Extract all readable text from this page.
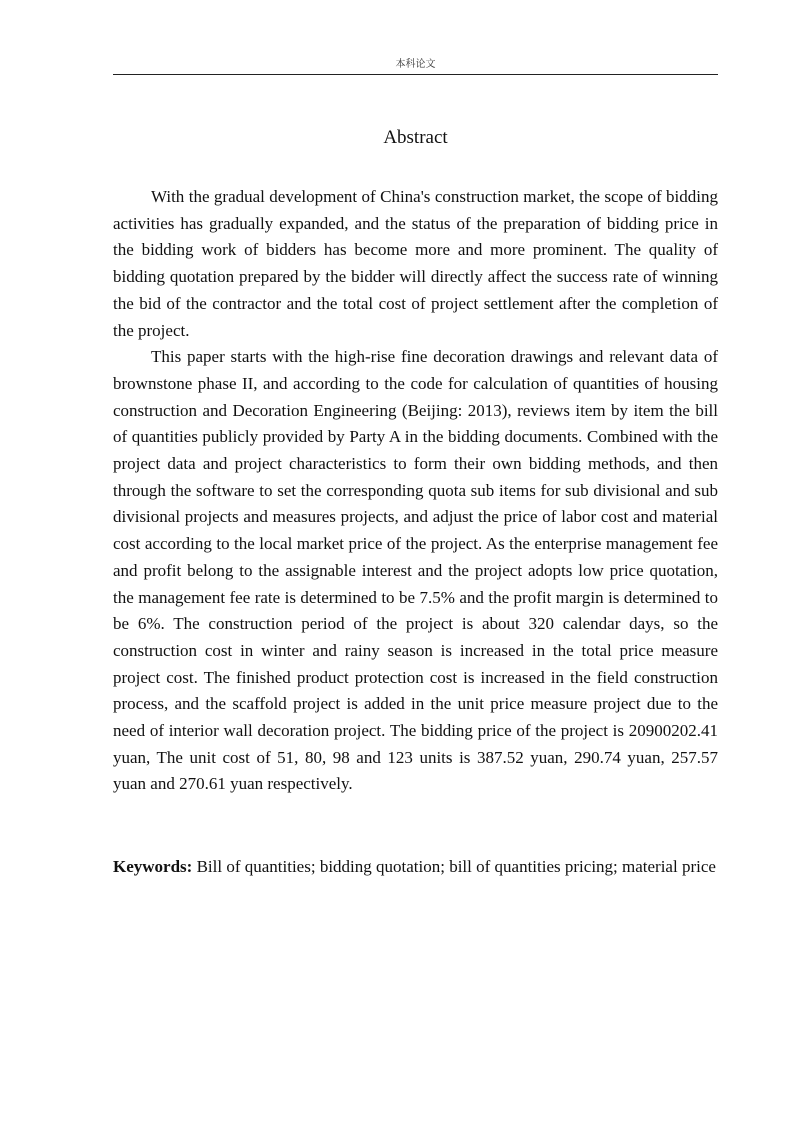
本科论文
Abstract

With the gradual development of China's construction market, the scope of bidding activities has gradually expanded, and the status of the preparation of bidding price in the bidding work of bidders has become more and more prominent. The quality of bidding quotation prepared by the bidder will directly affect the success rate of winning the bid of the contractor and the total cost of project settlement after the completion of the project.

This paper starts with the high-rise fine decoration drawings and relevant data of brownstone phase II, and according to the code for calculation of quantities of housing construction and Decoration Engineering (Beijing: 2013), reviews item by item the bill of quantities publicly provided by Party A in the bidding documents. Combined with the project data and project characteristics to form their own bidding methods, and then through the software to set the corresponding quota sub items for sub divisional and sub divisional projects and measures projects, and adjust the price of labor cost and material cost according to the local market price of the project. As the enterprise management fee and profit belong to the assignable interest and the project adopts low price quotation, the management fee rate is determined to be 7.5% and the profit margin is determined to be 6%. The construction period of the project is about 320 calendar days, so the construction cost in winter and rainy season is increased in the total price measure project cost. The finished product protection cost is increased in the field construction process, and the scaffold project is added in the unit price measure project due to the need of interior wall decoration project. The bidding price of the project is 20900202.41 yuan, The unit cost of 51, 80, 98 and 123 units is 387.52 yuan, 290.74 yuan, 257.57 yuan and 270.61 yuan respectively.

Keywords: Bill of quantities; bidding quotation; bill of quantities pricing; material price
